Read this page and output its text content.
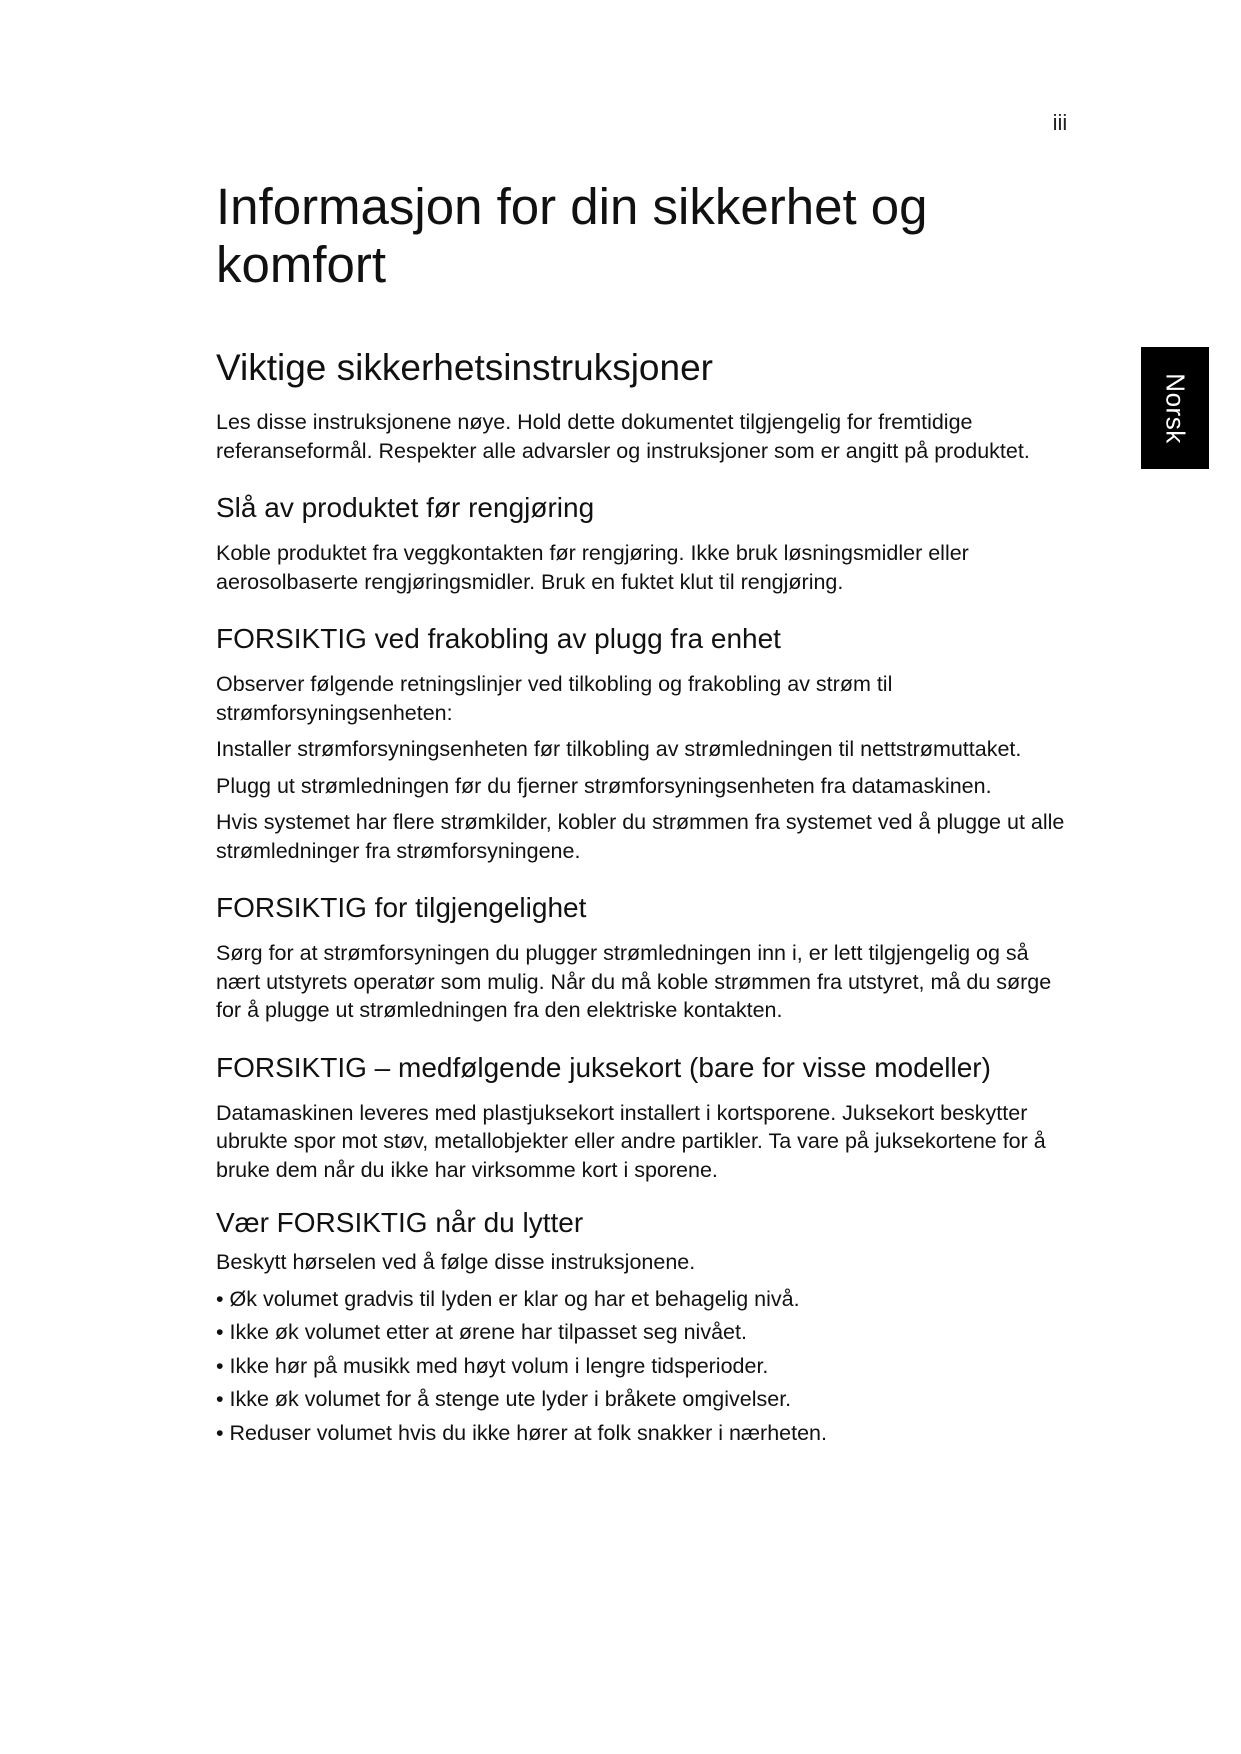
iii
Norsk
Informasjon for din sikkerhet og komfort
Viktige sikkerhetsinstruksjoner

Les disse instruksjonene nøye. Hold dette dokumentet tilgjengelig for fremtidige referanseformål. Respekter alle advarsler og instruksjoner som er angitt på produktet.

Slå av produktet før rengjøring

Koble produktet fra veggkontakten før rengjøring. Ikke bruk løsningsmidler eller aerosolbaserte rengjøringsmidler. Bruk en fuktet klut til rengjøring.

FORSIKTIG ved frakobling av plugg fra enhet

Observer følgende retningslinjer ved tilkobling og frakobling av strøm til strømforsyningsenheten:

Installer strømforsyningsenheten før tilkobling av strømledningen til nettstrømuttaket.

Plugg ut strømledningen før du fjerner strømforsyningsenheten fra datamaskinen.

Hvis systemet har flere strømkilder, kobler du strømmen fra systemet ved å plugge ut alle strømledninger fra strømforsyningene.

FORSIKTIG for tilgjengelighet

Sørg for at strømforsyningen du plugger strømledningen inn i, er lett tilgjengelig og så nært utstyrets operatør som mulig. Når du må koble strømmen fra utstyret, må du sørge for å plugge ut strømledningen fra den elektriske kontakten.

FORSIKTIG – medfølgende juksekort (bare for visse modeller)

Datamaskinen leveres med plastjuksekort installert i kortsporene. Juksekort beskytter ubrukte spor mot støv, metallobjekter eller andre partikler. Ta vare på juksekortene for å bruke dem når du ikke har virksomme kort i sporene.

Vær FORSIKTIG når du lytter

Beskytt hørselen ved å følge disse instruksjonene.

• Øk volumet gradvis til lyden er klar og har et behagelig nivå.
• Ikke øk volumet etter at ørene har tilpasset seg nivået.
• Ikke hør på musikk med høyt volum i lengre tidsperioder.
• Ikke øk volumet for å stenge ute lyder i bråkete omgivelser.
• Reduser volumet hvis du ikke hører at folk snakker i nærheten.
